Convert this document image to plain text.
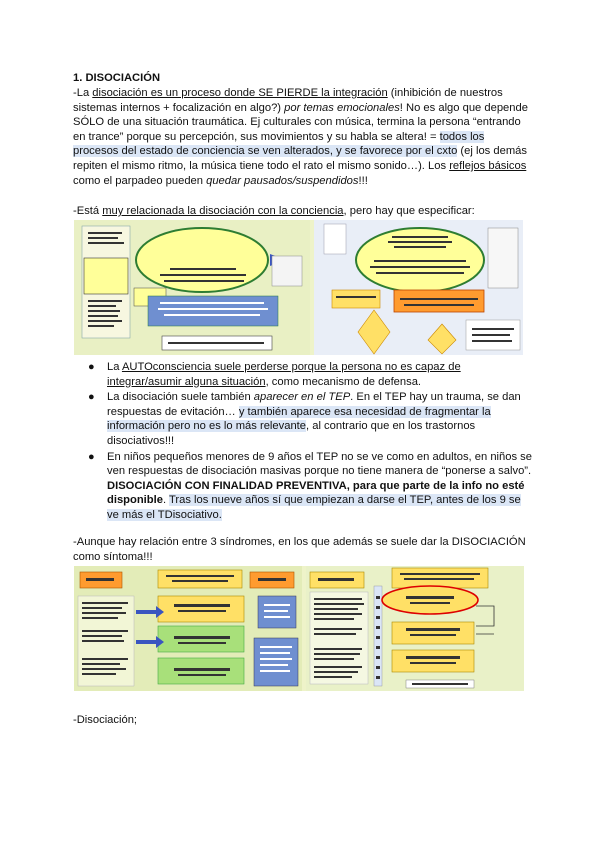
1. DISOCIACIÓN
-La disociación es un proceso donde SE PIERDE la integración (inhibición de nuestros sistemas internos + focalización en algo?) por temas emocionales! No es algo que depende SÓLO de una situación traumática. Ej culturales con música, termina la persona “entrando en trance” porque su percepción, sus movimientos y su habla se altera! = todos los procesos del estado de conciencia se ven alterados, y se favorece por el cxto (ej los demás repiten el mismo ritmo, la música tiene todo el rato el mismo sonido…). Los reflejos básicos como el parpadeo pueden quedar pausados/suspendidos!!!
-Está muy relacionada la disociación con la conciencia, pero hay que especificar:
● La AUTOconsciencia suele perderse porque la persona no es capaz de integrar/asumir alguna situación, como mecanismo de defensa.
● La disociación suele también aparecer en el TEP. En el TEP hay un trauma, se dan respuestas de evitación… y también aparece esa necesidad de fragmentar la información pero no es lo más relevante, al contrario que en los trastornos disociativos!!!
● En niños pequeños menores de 9 años el TEP no se ve como en adultos, en niños se ven respuestas de disociación masivas porque no tiene manera de “ponerse a salvo”. DISOCIACIÓN CON FINALIDAD PREVENTIVA, para que parte de la info no esté disponible. Tras los nueve años sí que empiezan a darse el TEP, antes de los 9 se ve más el TDisociativo.
-Aunque hay relación entre 3 síndromes, en los que además se suele dar la DISOCIACIÓN como síntoma!!!
-Disociación;
